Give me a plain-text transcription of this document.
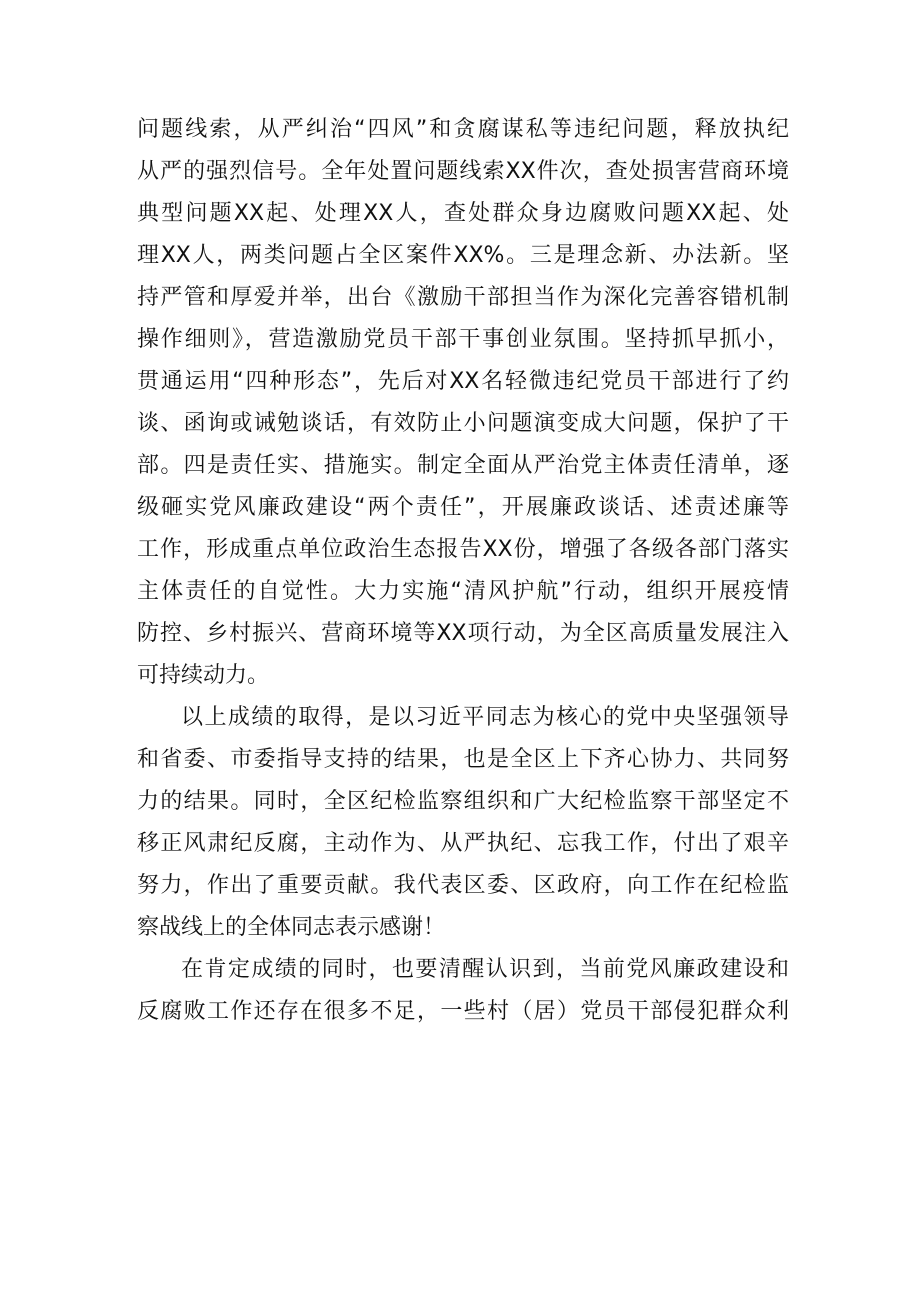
问题线索，从严纠治“四风”和贪腐谋私等违纪问题，释放执纪
从严的强烈信号。全年处置问题线索XX件次，查处损害营商环境
典型问题XX起、处理XX人，查处群众身边腐败问题XX起、处
理XX人，两类问题占全区案件XX%。三是理念新、办法新。坚
持严管和厚爱并举，出台《激励干部担当作为深化完善容错机制
操作细则》，营造激励党员干部干事创业氛围。坚持抓早抓小，
贯通运用“四种形态”，先后对XX名轻微违纪党员干部进行了约
谈、函询或诫勉谈话，有效防止小问题演变成大问题，保护了干
部。四是责任实、措施实。制定全面从严治党主体责任清单，逐
级砸实党风廉政建设“两个责任”，开展廉政谈话、述责述廉等
工作，形成重点单位政治生态报告XX份，增强了各级各部门落实
主体责任的自觉性。大力实施“清风护航”行动，组织开展疫情
防控、乡村振兴、营商环境等XX项行动，为全区高质量发展注入
可持续动力。
以上成绩的取得，是以习近平同志为核心的党中央坚强领导
和省委、市委指导支持的结果，也是全区上下齐心协力、共同努
力的结果。同时，全区纪检监察组织和广大纪检监察干部坚定不
移正风肃纪反腐，主动作为、从严执纪、忘我工作，付出了艰辛
努力，作出了重要贡献。我代表区委、区政府，向工作在纪检监
察战线上的全体同志表示感谢！
在肯定成绩的同时，也要清醒认识到，当前党风廉政建设和
反腐败工作还存在很多不足，一些村（居）党员干部侵犯群众利
